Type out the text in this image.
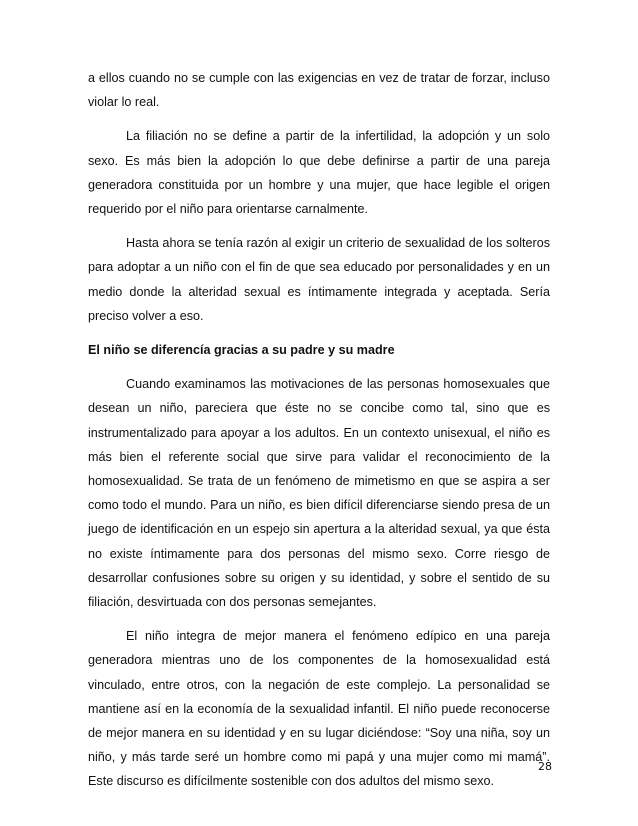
a ellos cuando no se cumple con las exigencias en vez de tratar de forzar, incluso violar lo real.

La filiación no se define a partir de la infertilidad, la adopción y un solo sexo. Es más bien la adopción lo que debe definirse a partir de una pareja generadora constituida por un hombre y una mujer, que hace legible el origen requerido por el niño para orientarse carnalmente.

Hasta ahora se tenía razón al exigir un criterio de sexualidad de los solteros para adoptar a un niño con el fin de que sea educado por personalidades y en un medio donde la alteridad sexual es íntimamente integrada y aceptada. Sería preciso volver a eso.

El niño se diferencía gracias a su padre y su madre

Cuando examinamos las motivaciones de las personas homosexuales que desean un niño, pareciera que éste no se concibe como tal, sino que es instrumentalizado para apoyar a los adultos. En un contexto unisexual, el niño es más bien el referente social que sirve para validar el reconocimiento de la homosexualidad. Se trata de un fenómeno de mimetismo en que se aspira a ser como todo el mundo. Para un niño, es bien difícil diferenciarse siendo presa de un juego de identificación en un espejo sin apertura a la alteridad sexual, ya que ésta no existe íntimamente para dos personas del mismo sexo. Corre riesgo de desarrollar confusiones sobre su origen y su identidad, y sobre el sentido de su filiación, desvirtuada con dos personas semejantes.

El niño integra de mejor manera el fenómeno edípico en una pareja generadora mientras uno de los componentes de la homosexualidad está vinculado, entre otros, con la negación de este complejo. La personalidad se mantiene así en la economía de la sexualidad infantil. El niño puede reconocerse de mejor manera en su identidad y en su lugar diciéndose: “Soy una niña, soy un niño, y más tarde seré un hombre como mi papá y una mujer como mi mamá”. Este discurso es difícilmente sostenible con dos adultos del mismo sexo.

28
